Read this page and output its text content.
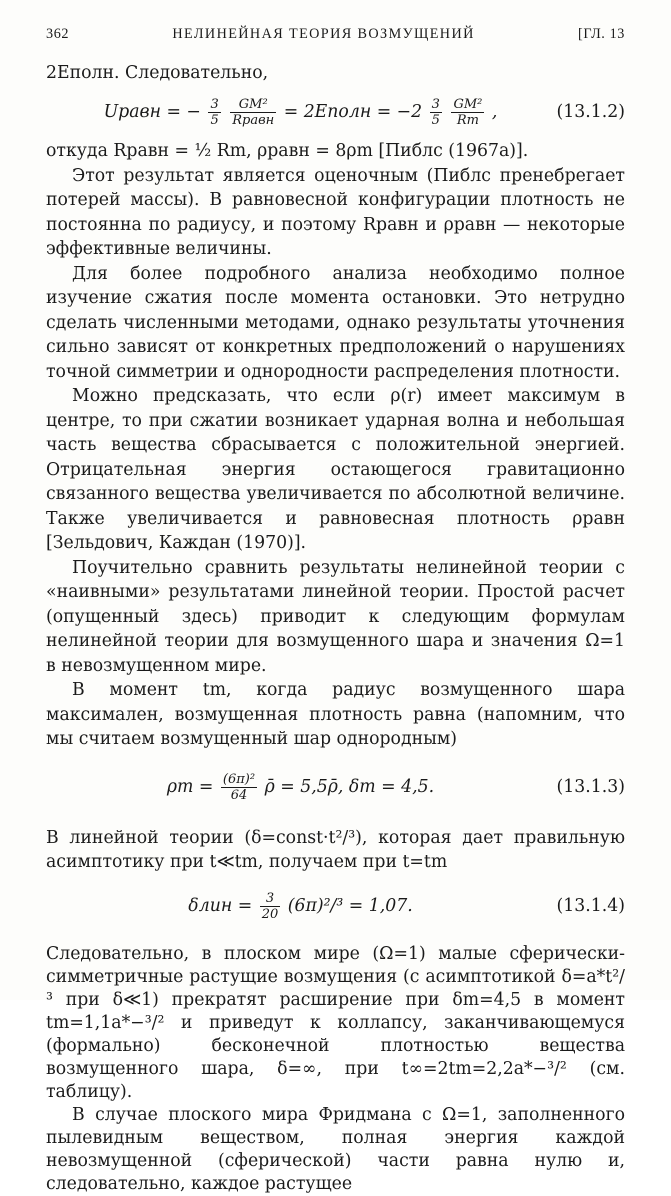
362	НЕЛИНЕЙНАЯ ТЕОРИЯ ВОЗМУЩЕНИЙ	[ГЛ. 13

2Eполн. Следовательно,

Uравн = − $\frac{3}{5}$
$\frac{\text{GM²}}{\text{Rравн}}$ = 2Eполн = $-2 \frac{3}{5}$
$\frac{\text{GM²}}{Rm}$ ,	(13.1.2)

откуда Rравн = ½ Rm, ρравн = 8ρm [Пиблс (1967a)].

Этот результат является оценочным (Пиблс пренебрегает потерей массы). В равновесной конфигурации плотность не постоянна по радиусу, и поэтому Rравн и ρравн — некоторые эффективные величины.

Для более подробного анализа необходимо полное изучение сжатия после момента остановки. Это нетрудно сделать численными методами, однако результаты уточнения сильно зависят от конкретных предположений о нарушениях точной симметрии и однородности распределения плотности.

Можно предсказать, что если ρ(r) имеет максимум в центре, то при сжатии возникает ударная волна и небольшая часть вещества сбрасывается с положительной энергией. Отрицательная энергия остающегося гравитационно связанного вещества увеличивается по абсолютной величине. Также увеличивается и равновесная плотность ρравн [Зельдович, Каждан (1970)].

Поучительно сравнить результаты нелинейной теории с «наивными» результатами линейной теории. Простой расчет (опущенный здесь) приводит к следующим формулам нелинейной теории для возмущенного шара и значения Ω=1 в невозмущенном мире.

В момент tm, когда радиус возмущенного шара максимален, возмущенная плотность равна (напомним, что мы считаем возмущенный шар однородным)

$\rho m = \frac{\text{(6π)²}}{64}$ ρ̄ = 5,5ρ̄, δm = 4,5.	(13.1.3)

В линейной теории (δ=const·t²/³), которая дает правильную асимптотику при t≪tm, получаем при t=tm

$\delta лин = \frac{3}{20} (6\pi)^2/^3 = 1,07$.	(13.1.4)

Следовательно, в плоском мире (Ω=1) малые сферически-симметричные растущие возмущения (с асимптотикой δ=a*t²/³ при δ≪1) прекратят расширение при δm=4,5 в момент tm=1,1a*−³/² и приведут к коллапсу, заканчивающемуся (формально) бесконечной плотностью вещества возмущенного шара, δ=∞, при t∞=2tm=2,2a*−³/² (см. таблицу).

В случае плоского мира Фридмана с Ω=1, заполненного пылевидным веществом, полная энергия каждой невозмущенной (сферической) части равна нулю и, следовательно, каждое растущее
